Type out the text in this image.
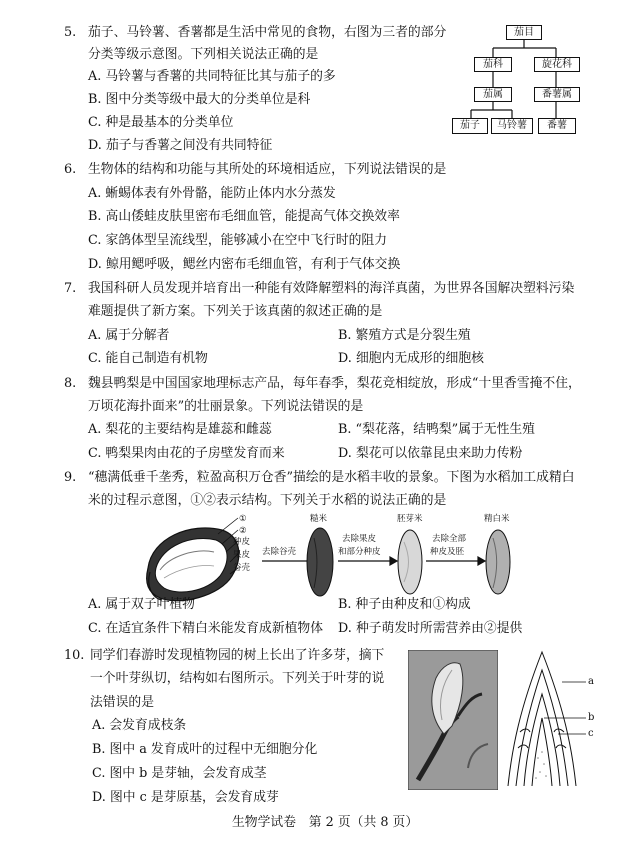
5. 茄子、马铃薯、香薯都是生活中常见的食物，右图为三者的部分
分类等级示意图。下列相关说法正确的是
A. 马铃薯与香薯的共同特征比其与茄子的多
B. 图中分类等级中最大的分类单位是科
C. 种是最基本的分类单位
D. 茄子与香薯之间没有共同特征
茄目
茄科	旋花科
茄属	番薯属
茄子	马铃薯	番薯
6. 生物体的结构和功能与其所处的环境相适应，下列说法错误的是
A. 蜥蜴体表有外骨骼，能防止体内水分蒸发
B. 高山倭蛙皮肤里密布毛细血管，能提高气体交换效率
C. 家鸽体型呈流线型，能够减小在空中飞行时的阻力
D. 鲸用鳃呼吸，鳃丝内密布毛细血管，有利于气体交换
7. 我国科研人员发现并培育出一种能有效降解塑料的海洋真菌，为世界各国解决塑料污染
难题提供了新方案。下列关于该真菌的叙述正确的是
A. 属于分解者	B. 繁殖方式是分裂生殖
C. 能自己制造有机物	D. 细胞内无成形的细胞核
8. 魏县鸭梨是中国国家地理标志产品，每年春季，梨花竞相绽放，形成“十里香雪掩不住，
万顷花海扑面来”的壮丽景象。下列说法错误的是
A. 梨花的主要结构是雄蕊和雌蕊	B. “梨花落，结鸭梨”属于无性生殖
C. 鸭梨果肉由花的子房壁发育而来	D. 梨花可以依靠昆虫来助力传粉
9. “穗满低垂千垄秀，粒盈高积万仓香”描绘的是水稻丰收的景象。下图为水稻加工成精白
米的过程示意图，①②表示结构。下列关于水稻的说法正确的是
①
②
种皮
果皮
谷壳
去除谷壳
糙米
去除果皮
和部分种皮
胚芽米
去除全部
种皮及胚
精白米
A. 属于双子叶植物	B. 种子由种皮和①构成
C. 在适宜条件下精白米能发育成新植物体 D. 种子萌发时所需营养由②提供
10. 同学们春游时发现植物园的树上长出了许多芽，摘下
一个叶芽纵切，结构如右图所示。下列关于叶芽的说
法错误的是
A. 会发育成枝条
B. 图中 a 发育成叶的过程中无细胞分化
C. 图中 b 是芽轴，会发育成茎
D. 图中 c 是芽原基，会发育成芽
a
b
c
生物学试卷　第 2 页（共 8 页）
